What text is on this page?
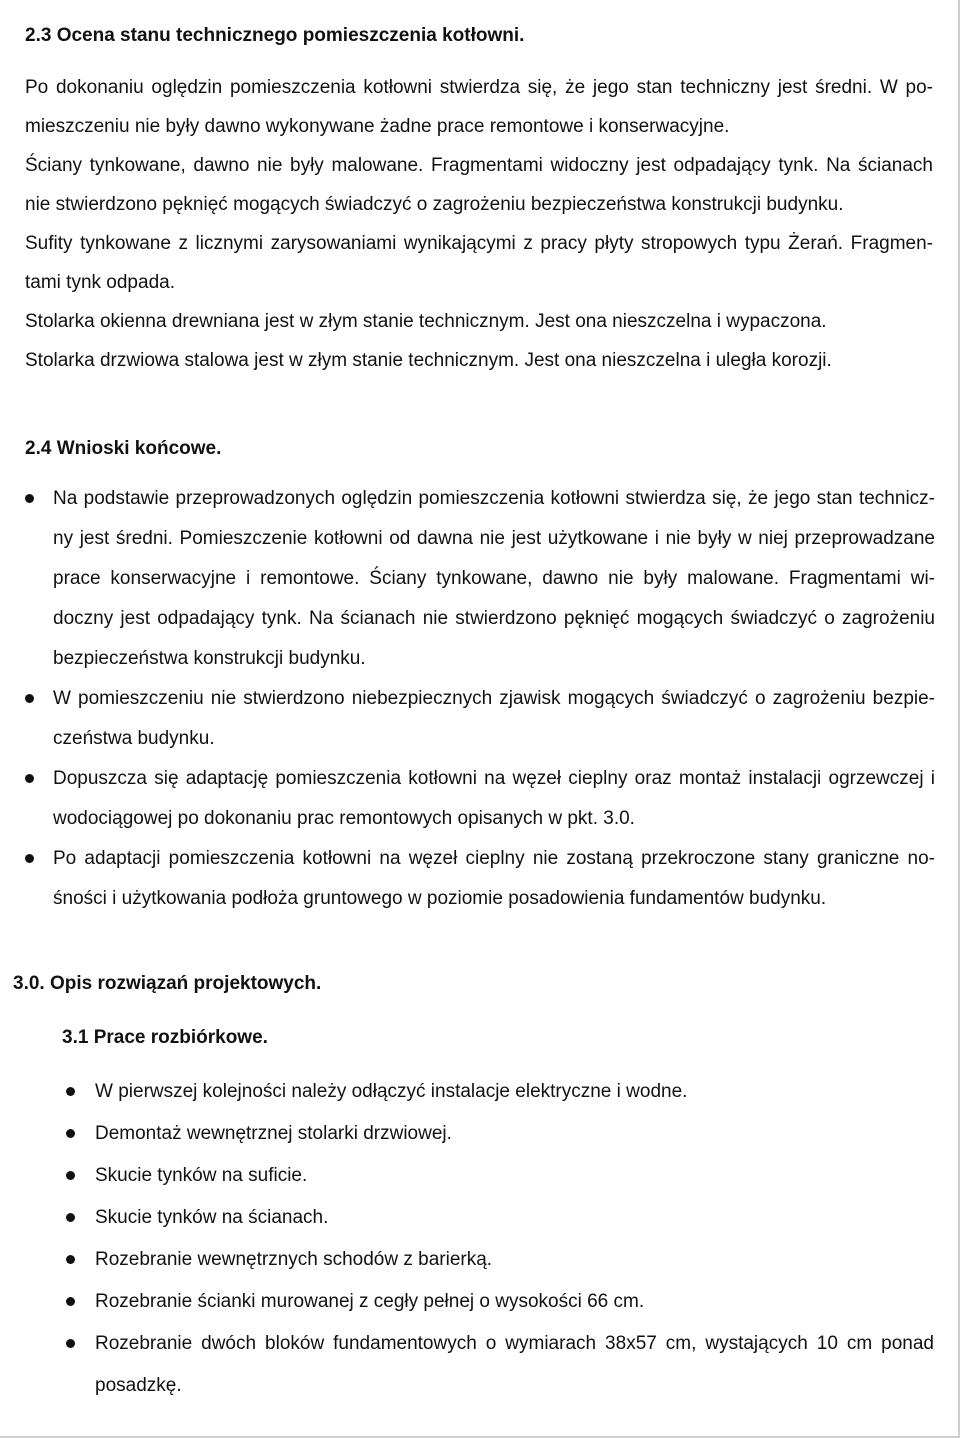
2.3 Ocena stanu technicznego pomieszczenia kotłowni.
Po dokonaniu oględzin pomieszczenia kotłowni stwierdza się, że jego stan techniczny jest średni. W po-
mieszczeniu nie były dawno wykonywane żadne prace remontowe i konserwacyjne.
Ściany tynkowane, dawno nie były malowane. Fragmentami widoczny jest odpadający tynk. Na ścianach
nie stwierdzono pęknięć mogących świadczyć o zagrożeniu bezpieczeństwa konstrukcji budynku.
Sufity tynkowane z licznymi zarysowaniami wynikającymi z pracy płyty stropowych typu Żerań. Fragmen-
tami tynk odpada.
Stolarka okienna drewniana jest w złym stanie technicznym. Jest ona nieszczelna i wypaczona.
Stolarka drzwiowa stalowa jest w złym stanie technicznym. Jest ona nieszczelna i uległa korozji.
2.4 Wnioski końcowe.
Na podstawie przeprowadzonych oględzin pomieszczenia kotłowni stwierdza się, że jego stan technicz-
ny jest średni. Pomieszczenie kotłowni od dawna nie jest użytkowane i nie były w niej przeprowadzane
prace konserwacyjne i remontowe. Ściany tynkowane, dawno nie były malowane. Fragmentami wi-
doczny jest odpadający tynk. Na ścianach nie stwierdzono pęknięć mogących świadczyć o zagrożeniu
bezpieczeństwa konstrukcji budynku.
W pomieszczeniu nie stwierdzono niebezpiecznych zjawisk mogących świadczyć o zagrożeniu bezpie-
czeństwa budynku.
Dopuszcza się adaptację pomieszczenia kotłowni na węzeł cieplny oraz montaż instalacji ogrzewczej i
wodociągowej po dokonaniu prac remontowych opisanych w pkt. 3.0.
Po adaptacji pomieszczenia kotłowni na węzeł cieplny nie zostaną przekroczone stany graniczne no-
śności i użytkowania podłoża gruntowego w poziomie posadowienia fundamentów budynku.
3.0. Opis rozwiązań projektowych.
3.1 Prace rozbiórkowe.
W pierwszej kolejności należy odłączyć instalacje elektryczne i wodne.
Demontaż wewnętrznej stolarki drzwiowej.
Skucie tynków na suficie.
Skucie tynków na ścianach.
Rozebranie wewnętrznych schodów z barierką.
Rozebranie ścianki murowanej z cegły pełnej o wysokości 66 cm.
Rozebranie dwóch bloków fundamentowych o wymiarach 38x57 cm, wystających 10 cm ponad
posadzkę.
